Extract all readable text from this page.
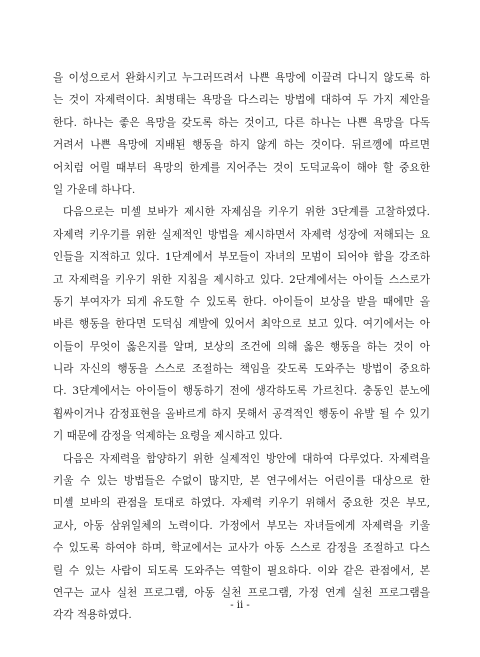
을 이성으로서 완화시키고 누그러뜨려서 나쁜 욕망에 이끌려 다니지 않도록 하
는 것이 자제력이다. 최병태는 욕망을 다스리는 방법에 대하여 두 가지 제안을
한다. 하나는 좋은 욕망을 갖도록 하는 것이고, 다른 하나는 나쁜 욕망을 다독
거려서 나쁜 욕망에 지배된 행동을 하지 않게 하는 것이다. 뒤르껭에 따르면
어치럼 어릴 때부터 욕망의 한계를 지어주는 것이 도덕교육이 해야 할 중요한
일 가운데 하나다.
다음으로는 미셸 보바가 제시한 자제심을 키우기 위한 3단계를 고찰하였다.
자제력 키우기를 위한 실제적인 방법을 제시하면서 자제력 성장에 저해되는 요
인들을 지적하고 있다. 1단계에서 부모들이 자녀의 모범이 되어야 함을 강조하
고 자제력을 키우기 위한 지침을 제시하고 있다. 2단계에서는 아이들 스스로가
동기 부여자가 되게 유도할 수 있도록 한다. 아이들이 보상을 받을 때에만 올
바른 행동을 한다면 도덕심 계발에 있어서 최악으로 보고 있다. 여기에서는 아
이들이 무엇이 옳은지를 알며, 보상의 조건에 의해 옳은 행동을 하는 것이 아
니라 자신의 행동을 스스로 조절하는 책임을 갖도록 도와주는 방법이 중요하
다. 3단계에서는 아이들이 행동하기 전에 생각하도록 가르친다. 충동인 분노에
휩싸이거나 감정표현을 올바르게 하지 못해서 공격적인 행동이 유발 될 수 있기
기 때문에 감정을 억제하는 요령을 제시하고 있다.
다음은 자제력을 함양하기 위한 실제적인 방안에 대하여 다루었다. 자제력을
키울 수 있는 방법들은 수없이 많지만, 본 연구에서는 어린이를 대상으로 한
미셸 보바의 관점을 토대로 하였다. 자제력 키우기 위해서 중요한 것은 부모,
교사, 아동 삼위일체의 노력이다. 가정에서 부모는 자녀들에게 자제력을 키울
수 있도록 하여야 하며, 학교에서는 교사가 아동 스스로 감정을 조절하고 다스
릴 수 있는 사람이 되도록 도와주는 역할이 필요하다. 이와 같은 관점에서, 본
연구는 교사 실천 프로그램, 아동 실천 프로그램, 가정 연계 실천 프로그램을
각각 적용하였다.
- ii -
